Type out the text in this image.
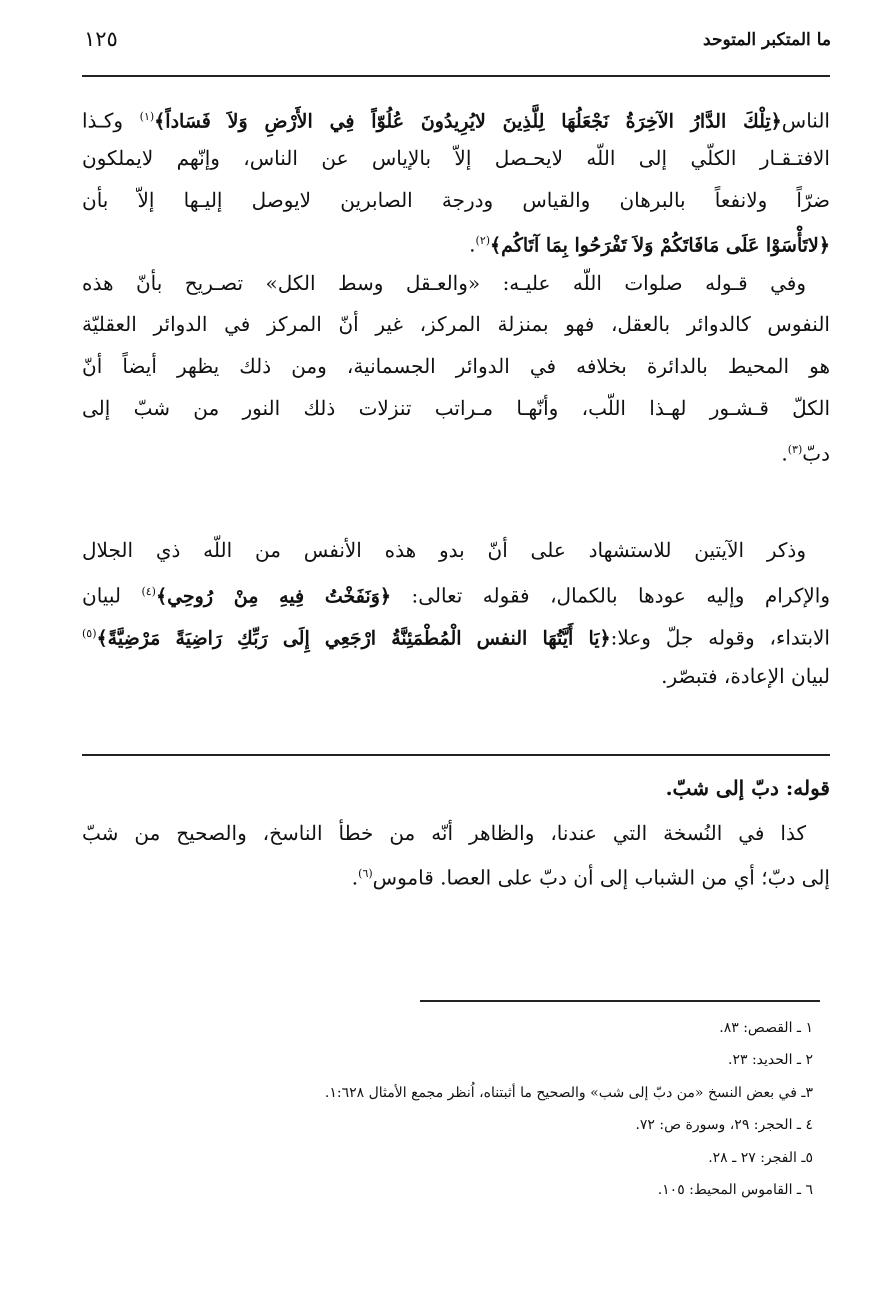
ما المتكبر المتوحد
١٢٥
الناس﴿تِلْكَ الدَّارُ الآخِرَةُ نَجْعَلُهَا لِلَّذِينَ لايُرِيدُونَ عُلُوّاً فِي الأَرْضِ وَلاَ فَسَاداً﴾$^{(١)}$ وكـذا
الافتـقـار الكلّي إلى اللّه لايحـصل إلاّ بالإياس عن الناس، وإنّهم لايملكون
ضرّاً ولانفعاً بالبرهان والقياس ودرجة الصابرين لايوصل إليـها إلاّ بأن
﴿لاتَأْسَوْا عَلَى مَافَاتَكُمْ وَلاَ تَفْرَحُوا بِمَا آتَاكُم﴾$^{(٢)}$.
وفي قـوله صلوات اللّه عليـه: «والعـقل وسط الكل» تصـريح بأنّ هذه
النفوس كالدوائر بالعقل، فهو بمنزلة المركز، غير أنّ المركز في الدوائر العقليّة
هو المحيط بالدائرة بخلافه في الدوائر الجسمانية، ومن ذلك يظهر أيضاً أنّ
الكلّ قـشـور لهـذا اللّب، وأنّهـا مـراتب تنزلات ذلك النور من شبّ إلى
دبّ$^{(٣)}$.
وذكر الآيتين للاستشهاد على أنّ بدو هذه الأنفس من اللّه ذي الجلال
والإكرام وإليه عودها بالكمال، فقوله تعالى: ﴿وَنَفَخْتُ فِيهِ مِنْ رُوحِي﴾$^{(٤)}$ لبيان
الابتداء، وقوله جلّ وعلا:﴿يَا أَيَّتُهَا النفس الْمُطْمَئِنَّةُ ارْجَعِي إِلَى رَبِّكِ رَاضِيَةً مَرْضِيَّةً﴾$^{(٥)}$
لبيان الإعادة، فتبصّر.
قوله: دبّ إلى شبّ.
كذا في النُسخة التي عندنا، والظاهر أنّه من خطأ الناسخ، والصحيح من شبّ
إلى دبّ؛ أي من الشباب إلى أن دبّ على العصا. قاموس$^{(٦)}$.
١ ـ القصص: ٨٣.
٢ ـ الحديد: ٢٣.
٣ـ في بعض النسخ «من دبّ إلى شب» والصحيح ما أثبتناه، اُنظر مجمع الأمثال ١:٦٢٨.
٤ ـ الحجر: ٢٩، وسورة ص: ٧٢.
٥ـ الفجر: ٢٧ ـ ٢٨.
٦ ـ القاموس المحيط: ١٠٥.
